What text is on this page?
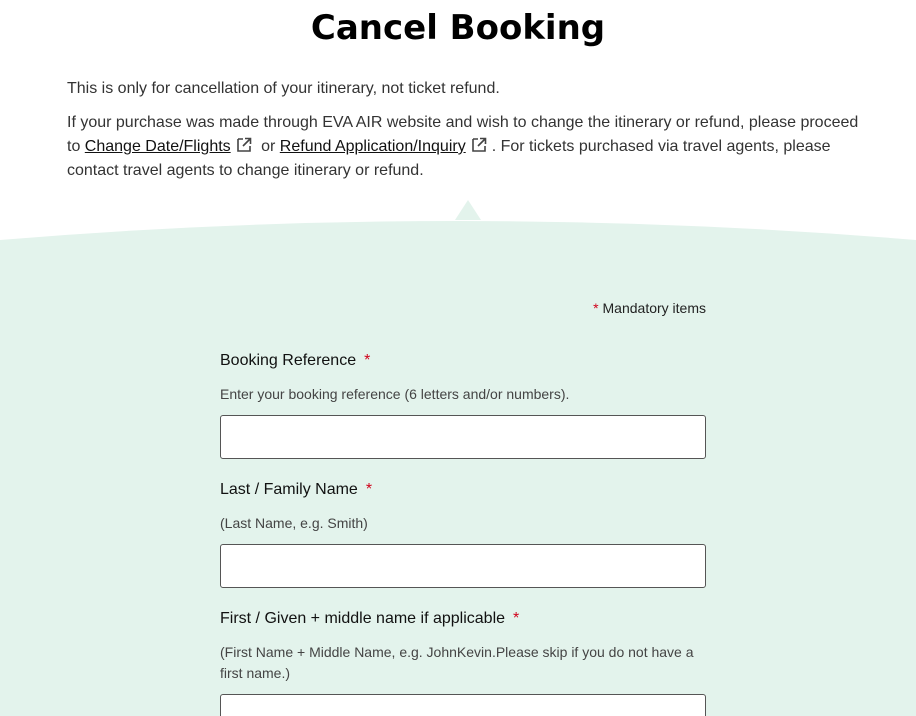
Cancel Booking

This is only for cancellation of your itinerary, not ticket refund.

If your purchase was made through EVA AIR website and wish to change the itinerary or refund, please proceed to Change Date/Flights or Refund Application/Inquiry . For tickets purchased via travel agents, please contact travel agents to change itinerary or refund.

* Mandatory items
Booking Reference *
Enter your booking reference (6 letters and/or numbers).
Last / Family Name *
(Last Name, e.g. Smith)
First / Given + middle name if applicable *
(First Name + Middle Name, e.g. JohnKevin.Please skip if you do not have a first name.)
